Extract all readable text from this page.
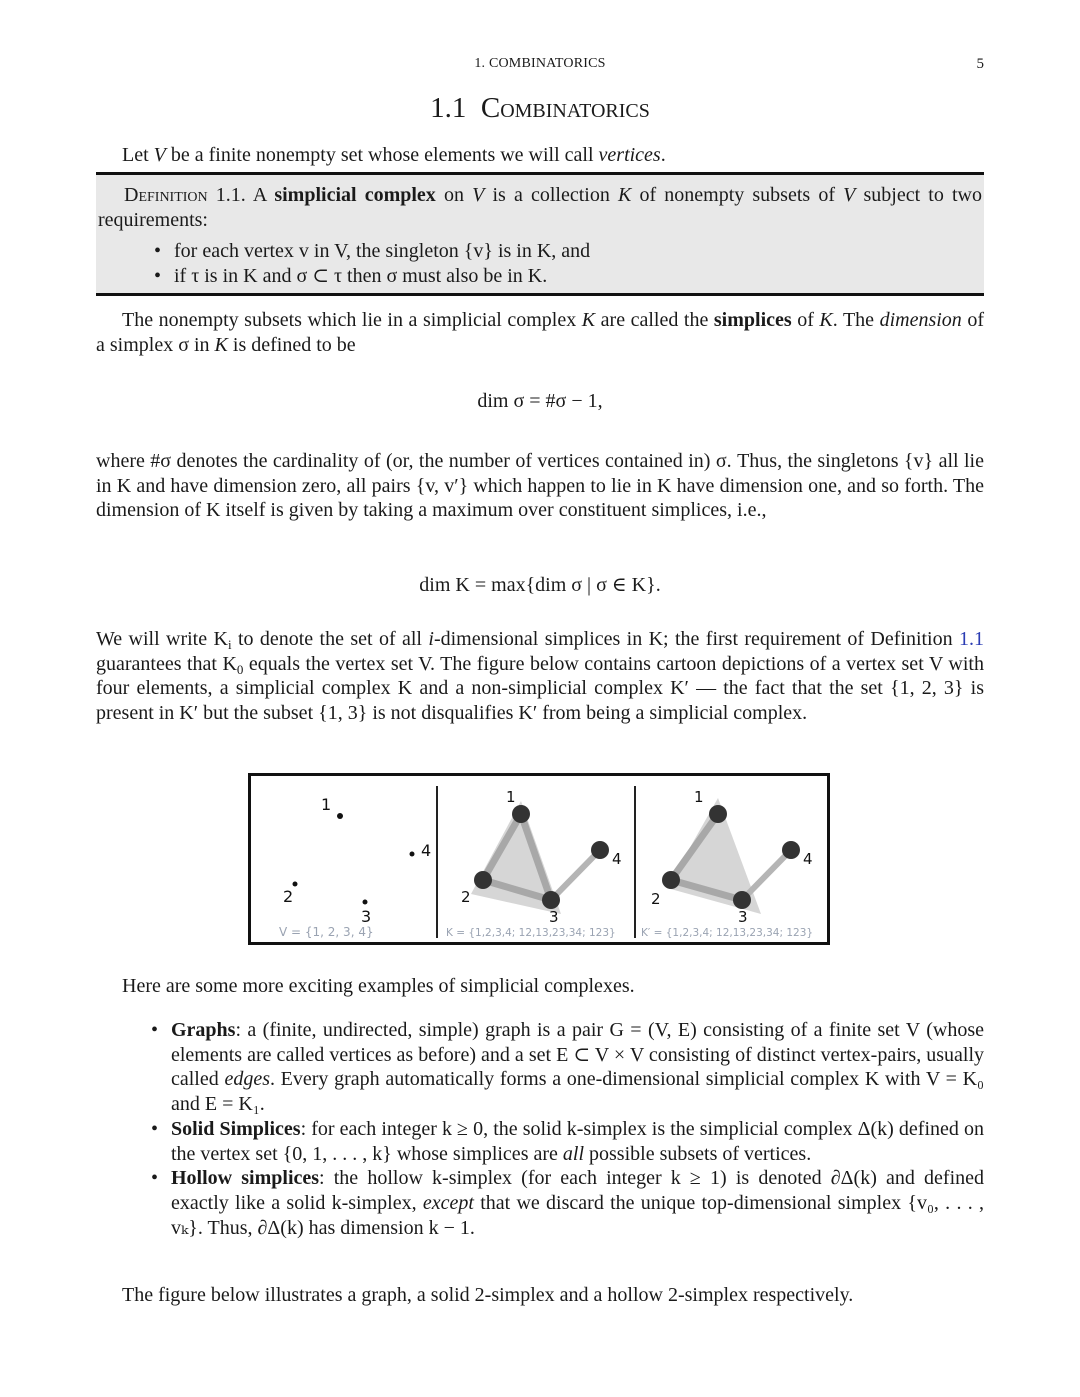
1. COMBINATORICS	5
1.1 Combinatorics
Let V be a finite nonempty set whose elements we will call vertices.
Definition 1.1. A simplicial complex on V is a collection K of nonempty subsets of V subject to two requirements:
• for each vertex v in V, the singleton {v} is in K, and
• if τ is in K and σ ⊂ τ then σ must also be in K.
The nonempty subsets which lie in a simplicial complex K are called the simplices of K. The dimension of a simplex σ in K is defined to be
dim σ = #σ − 1,
where #σ denotes the cardinality of (or, the number of vertices contained in) σ. Thus, the singletons {v} all lie in K and have dimension zero, all pairs {v, v′} which happen to lie in K have dimension one, and so forth. The dimension of K itself is given by taking a maximum over constituent simplices, i.e.,
dim K = max{dim σ | σ ∈ K}.
We will write $K_i$ to denote the set of all i-dimensional simplices in K; the first requirement of Definition 1.1 guarantees that $K_0$ equals the vertex set V. The figure below contains cartoon depictions of a vertex set V with four elements, a simplicial complex K and a non-simplicial complex K′ — the fact that the set {1, 2, 3} is present in K′ but the subset {1, 3} is not disqualifies K′ from being a simplicial complex.
1
2
3
4
V = {1, 2, 3, 4}
1
2
3
4
K = {1,2,3,4; 12,13,23,34; 123}
1
2
3
4
K′ = {1,2,3,4; 12,13,23,34; 123}
Here are some more exciting examples of simplicial complexes.
• Graphs: a (finite, undirected, simple) graph is a pair G = (V, E) consisting of a finite set V (whose elements are called vertices as before) and a set E ⊂ V × V consisting of distinct vertex-pairs, usually called edges. Every graph automatically forms a one-dimensional simplicial complex K with V = K₀ and E = K₁.
• Solid Simplices: for each integer k ≥ 0, the solid k-simplex is the simplicial complex Δ(k) defined on the vertex set {0, 1, . . . , k} whose simplices are all possible subsets of vertices.
• Hollow simplices: the hollow k-simplex (for each integer k ≥ 1) is denoted ∂Δ(k) and defined exactly like a solid k-simplex, except that we discard the unique top-dimensional simplex {v₀, . . . , vₖ}. Thus, ∂Δ(k) has dimension k − 1.
The figure below illustrates a graph, a solid 2-simplex and a hollow 2-simplex respectively.
